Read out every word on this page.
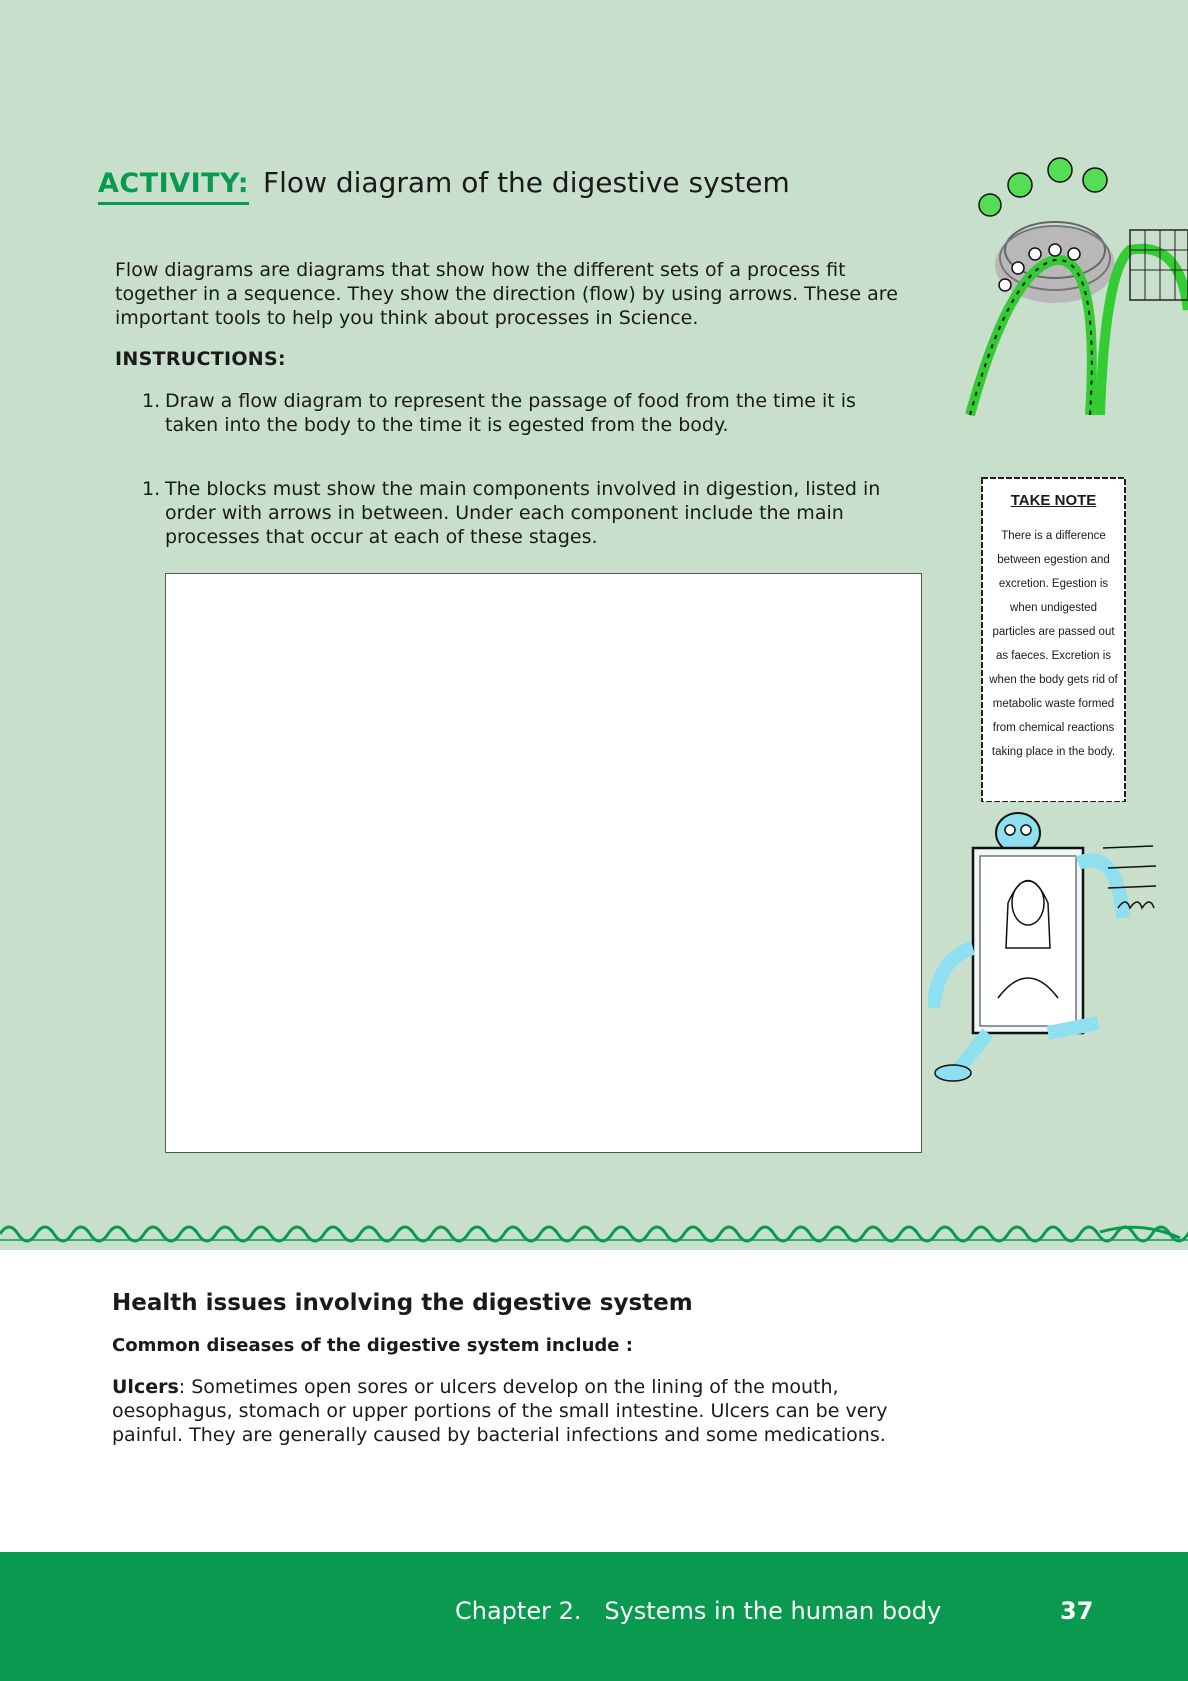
ACTIVITY: Flow diagram of the digestive system
Flow diagrams are diagrams that show how the different sets of a process fit together in a sequence. They show the direction (flow) by using arrows. These are important tools to help you think about processes in Science.
INSTRUCTIONS:
1. Draw a flow diagram to represent the passage of food from the time it is taken into the body to the time it is egested from the body.
1. The blocks must show the main components involved in digestion, listed in order with arrows in between. Under each component include the main processes that occur at each of these stages.
TAKE NOTE
There is a difference between egestion and excretion. Egestion is when undigested particles are passed out as faeces. Excretion is when the body gets rid of metabolic waste formed from chemical reactions taking place in the body.
Health issues involving the digestive system
Common diseases of the digestive system include :
Ulcers: Sometimes open sores or ulcers develop on the lining of the mouth, oesophagus, stomach or upper portions of the small intestine. Ulcers can be very painful. They are generally caused by bacterial infections and some medications.
Chapter 2.   Systems in the human body	37
